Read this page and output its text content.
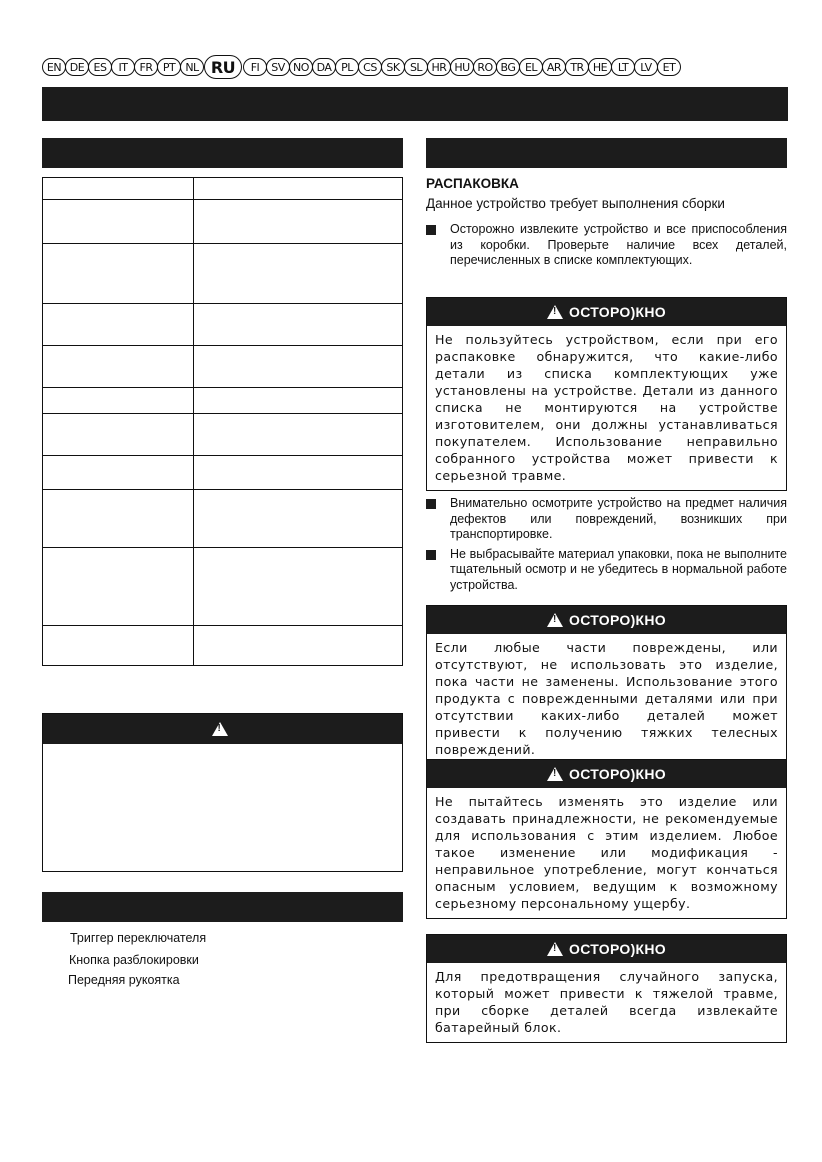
EN DE ES	IT	FR PT NL RU	FI	SV NO DA PL CS SK SL HR HU RO BG EL AR TR HE LT	LV ET

!
Триггер переключателя
Кнопка разблокировки
Передняя рукоятка
РАСПАКОВКА
Данное устройство требует выполнения сборки
Осторожно извлеките устройство и все приспособления из коробки. Проверьте наличие всех деталей, перечисленных в списке комплектующих.
!
ОСТОРО)КНО
Не пользуйтесь устройством, если при его распаковке обнаружится, что какие-либо детали из списка комплектующих уже установлены на устройстве. Детали из данного списка не монтируются на устройстве изготовителем, они должны устанавливаться покупателем. Использование неправильно собранного устройства может привести к серьезной травме.
Внимательно осмотрите устройство на предмет наличия дефектов или повреждений, возникших при транспортировке.
Не выбрасывайте материал упаковки, пока не выполните тщательный осмотр и не убедитесь в нормальной работе устройства.
!
ОСТОРО)КНО
Если любые части повреждены, или отсутствуют, не использовать это изделие, пока части не заменены. Использование этого продукта с поврежденными деталями или при отсутствии каких-либо деталей может привести к получению тяжких телесных повреждений.
!
ОСТОРО)КНО
Не пытайтесь изменять это изделие или создавать принадлежности, не рекомендуемые для использования с этим изделием. Любое такое изменение или модификация - неправильное употребление, могут кончаться опасным условием, ведущим к возможному серьезному персональному ущербу.
!
ОСТОРО)КНО
Для предотвращения случайного запуска, который может привести к тяжелой травме, при сборке деталей всегда извлекайте батарейный блок.
